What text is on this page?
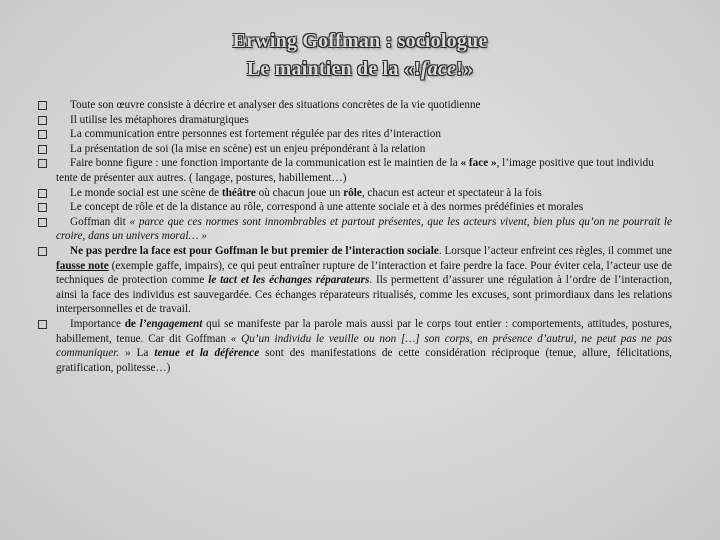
Erwing Goffman : sociologue
Le maintien de la «!face!»
Toute son œuvre consiste à décrire et analyser des situations concrètes de la vie quotidienne
Il utilise les métaphores dramaturgiques
La communication entre personnes est fortement régulée par des rites d’interaction
La présentation de soi (la mise en scène) est un enjeu prépondérant à la relation
Faire bonne figure : une fonction importante de la communication est le maintien de la « face », l’image positive que tout individu tente de présenter aux autres. ( langage, postures, habillement…)
Le monde social est une scène de théâtre où chacun joue un rôle, chacun est acteur et spectateur à la fois
Le concept de rôle et de la distance au rôle, correspond à une attente sociale et à des normes prédéfinies et morales
Goffman dit « parce que ces normes sont innombrables et partout présentes, que les acteurs vivent, bien plus qu’on ne pourrait le croire, dans un univers moral… »
Ne pas perdre la face est pour Goffman le but premier de l’interaction sociale. Lorsque l’acteur enfreint ces règles, il commet une fausse note (exemple gaffe, impairs), ce qui peut entraîner rupture de l’interaction et faire perdre la face. Pour éviter cela, l’acteur use de techniques de protection comme le tact et les échanges réparateurs. Ils permettent d’assurer une régulation à l’ordre de l’interaction, ainsi la face des individus est sauvegardée. Ces échanges réparateurs ritualisés, comme les excuses, sont primordiaux dans les relations interpersonnelles et de travail.
Importance de l’engagement qui se manifeste par la parole mais aussi par le corps tout entier : comportements, attitudes, postures, habillement, tenue. Car dit Goffman « Qu’un individu le veuille ou non […] son corps, en présence d’autrui, ne peut pas ne pas communiquer. » La tenue et la déférence sont des manifestations de cette considération réciproque (tenue, allure, félicitations, gratification, politesse…)
